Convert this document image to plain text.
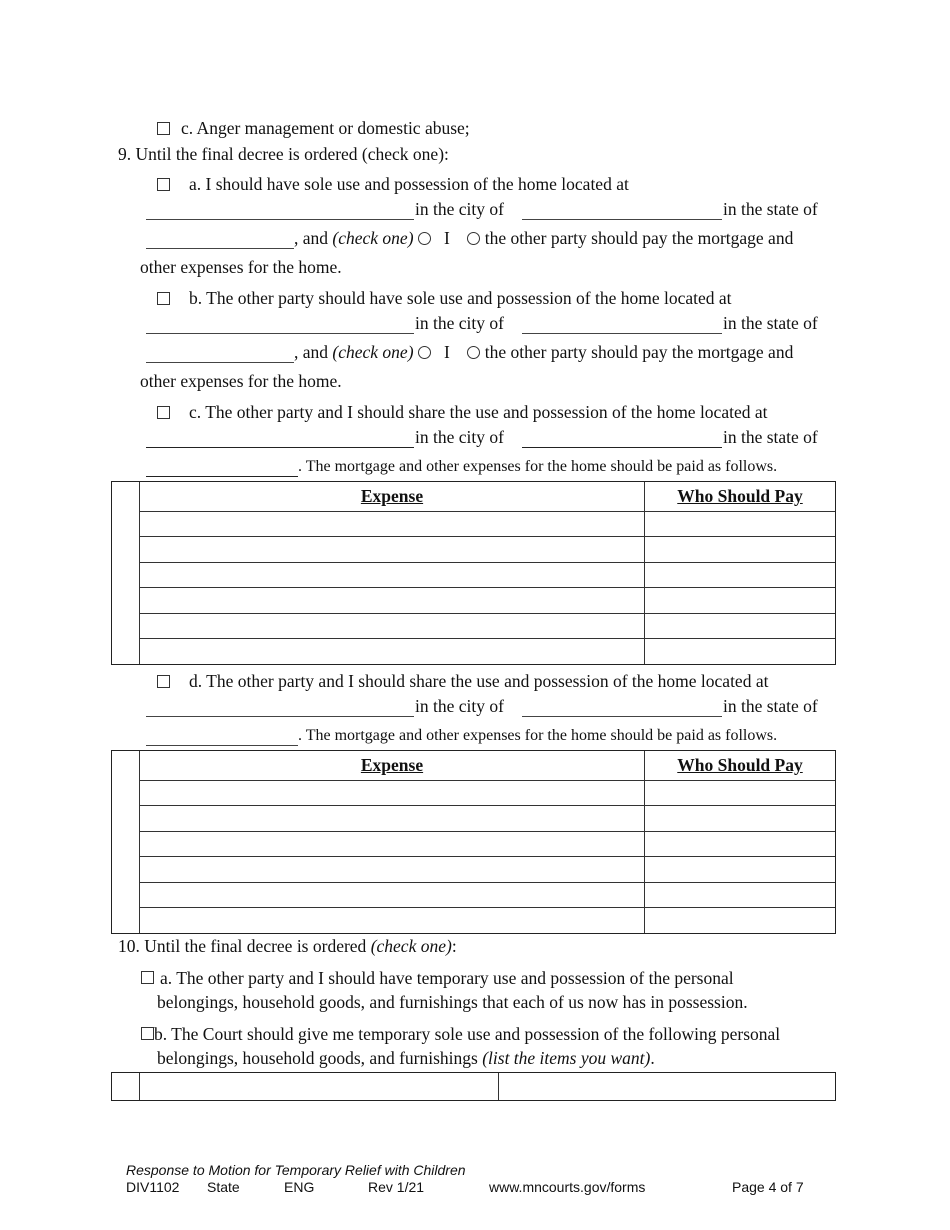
c. Anger management or domestic abuse;
9. Until the final decree is ordered (check one):
a. I should have sole use and possession of the home located at
in the city of	in the state of
, and (check one) I the other party should pay the mortgage and
other expenses for the home.
b. The other party should have sole use and possession of the home located at
in the city of	in the state of
, and (check one) I the other party should pay the mortgage and
other expenses for the home.
c. The other party and I should share the use and possession of the home located at
in the city of	in the state of
. The mortgage and other expenses for the home should be paid as follows.
Expense	Who Should Pay
d. The other party and I should share the use and possession of the home located at
in the city of	in the state of
. The mortgage and other expenses for the home should be paid as follows.
Expense	Who Should Pay
10. Until the final decree is ordered (check one):
a. The other party and I should have temporary use and possession of the personal
belongings, household goods, and furnishings that each of us now has in possession.
b. The Court should give me temporary sole use and possession of the following personal
belongings, household goods, and furnishings (list the items you want).
Response to Motion for Temporary Relief with Children
DIV1102 State	ENG	Rev 1/21	www.mncourts.gov/forms	Page 4 of 7
